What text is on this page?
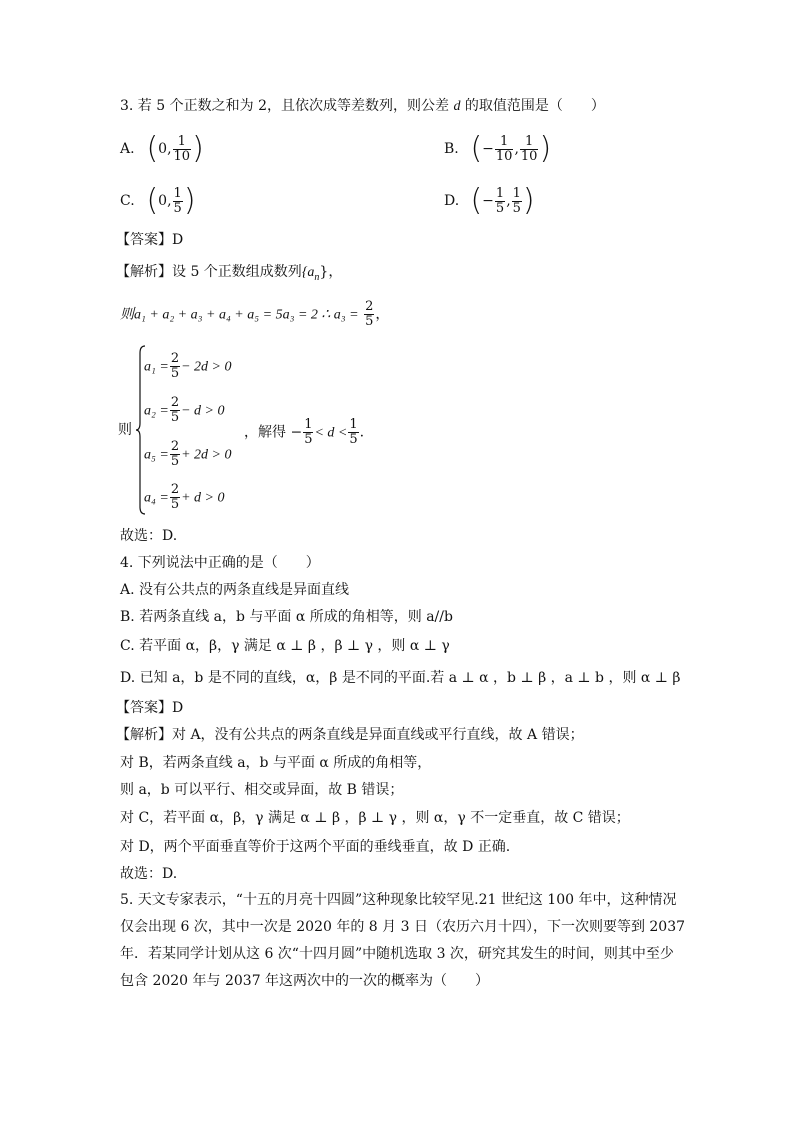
3. 若 5 个正数之和为 2，且依次成等差数列，则公差 d 的取值范围是（　　）
A. (0, $\frac{1}{10}$ )	B. (− $\frac{1}{10}$ , $\frac{1}{10}$ )
C. (0, $\frac{1}{5}$ )	D. (− $\frac{1}{5}$ , $\frac{1}{5}$ )
【答案】D
【解析】设 5 个正数组成数列$\{a_n\}$，
则a₁ + a₂ + a₃ + a₄ + a₅ = 5a₃ = 2 ∴ $a_3 = \frac{2}{5}$ ，
则
$a_1 = \frac{2}{5} - 2d > 0$
$a_2 = \frac{2}{5} - d > 0$
$a_5 = \frac{2}{5} + 2d > 0$
$a_4 = \frac{2}{5} + d > 0$
，解得 − $\frac{1}{5} < d < \frac{1}{5}$ .
故选：D.
4. 下列说法中正确的是（　　）
A. 没有公共点的两条直线是异面直线
B. 若两条直线 a，b 与平面 α 所成的角相等，则 a//b
C. 若平面 α，β，γ 满足 α ⊥ β ，β ⊥ γ ，则 α ⊥ γ
D. 已知 a，b 是不同的直线，α，β 是不同的平面.若 a ⊥ α ，b ⊥ β ，a ⊥ b ，则 α ⊥ β
【答案】D
【解析】对 A，没有公共点的两条直线是异面直线或平行直线，故 A 错误；
对 B，若两条直线 a，b 与平面 α 所成的角相等，
则 a，b 可以平行、相交或异面，故 B 错误；
对 C，若平面 α，β，γ 满足 α ⊥ β ，β ⊥ γ ，则 α，γ 不一定垂直，故 C 错误；
对 D，两个平面垂直等价于这两个平面的垂线垂直，故 D 正确.
故选：D.
5. 天文专家表示，“十五的月亮十四圆”这种现象比较罕见.21 世纪这 100 年中，这种情况
仅会出现 6 次，其中一次是 2020 年的 8 月 3 日（农历六月十四），下一次则要等到 2037
年．若某同学计划从这 6 次“十四月圆”中随机选取 3 次，研究其发生的时间，则其中至少
包含 2020 年与 2037 年这两次中的一次的概率为（　　）
